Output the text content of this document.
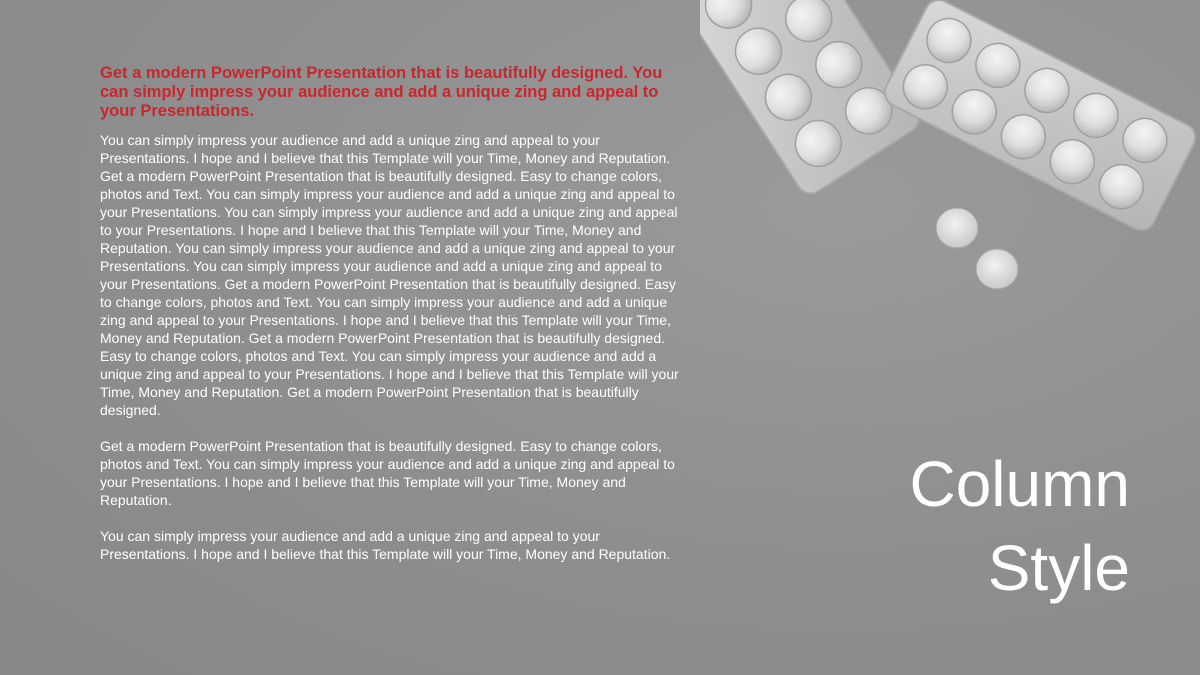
Get a modern PowerPoint Presentation that is beautifully designed. You can simply impress your audience and add a unique zing and appeal to your Presentations.

You can simply impress your audience and add a unique zing and appeal to your Presentations. I hope and I believe that this Template will your Time, Money and Reputation. Get a modern PowerPoint Presentation that is beautifully designed. Easy to change colors, photos and Text. You can simply impress your audience and add a unique zing and appeal to your Presentations. You can simply impress your audience and add a unique zing and appeal to your Presentations. I hope and I believe that this Template will your Time, Money and Reputation. You can simply impress your audience and add a unique zing and appeal to your Presentations. You can simply impress your audience and add a unique zing and appeal to your Presentations. Get a modern PowerPoint Presentation that is beautifully designed. Easy to change colors, photos and Text. You can simply impress your audience and add a unique zing and appeal to your Presentations. I hope and I believe that this Template will your Time, Money and Reputation. Get a modern PowerPoint Presentation that is beautifully designed. Easy to change colors, photos and Text. You can simply impress your audience and add a unique zing and appeal to your Presentations. I hope and I believe that this Template will your Time, Money and Reputation. Get a modern PowerPoint Presentation that is beautifully designed.

Get a modern PowerPoint Presentation that is beautifully designed. Easy to change colors, photos and Text. You can simply impress your audience and add a unique zing and appeal to your Presentations. I hope and I believe that this Template will your Time, Money and Reputation.

You can simply impress your audience and add a unique zing and appeal to your Presentations. I hope and I believe that this Template will your Time, Money and Reputation.

Column
Style
